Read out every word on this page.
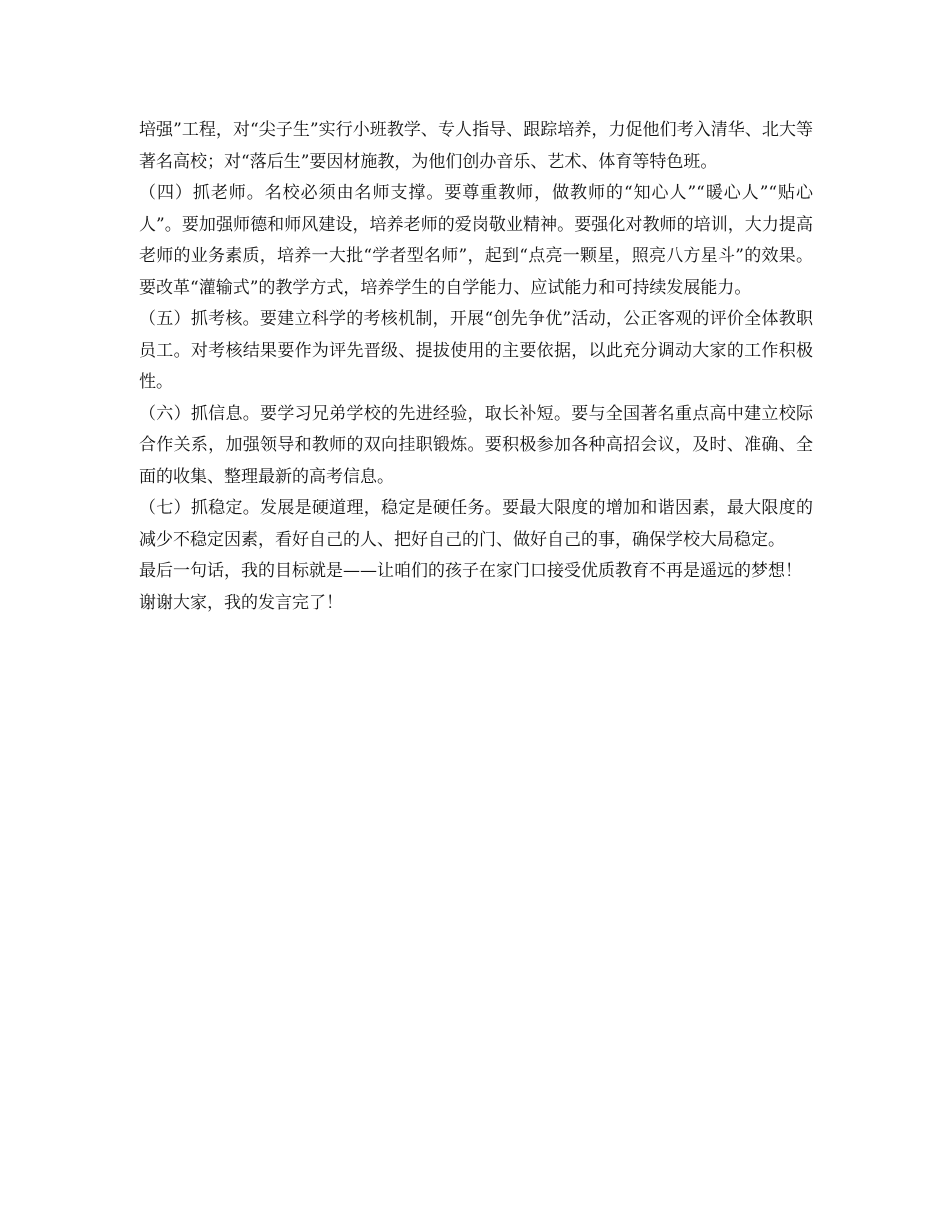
培强”工程，对“尖子生”实行小班教学、专人指导、跟踪培养，力促他们考入清华、北大等著名高校；对“落后生”要因材施教，为他们创办音乐、艺术、体育等特色班。

（四）抓老师。名校必须由名师支撑。要尊重教师，做教师的“知心人”“暖心人”“贴心人”。要加强师德和师风建设，培养老师的爱岗敬业精神。要强化对教师的培训，大力提高老师的业务素质，培养一大批“学者型名师”，起到“点亮一颗星，照亮八方星斗”的效果。要改革“灌输式”的教学方式，培养学生的自学能力、应试能力和可持续发展能力。

（五）抓考核。要建立科学的考核机制，开展“创先争优”活动，公正客观的评价全体教职员工。对考核结果要作为评先晋级、提拔使用的主要依据，以此充分调动大家的工作积极性。

（六）抓信息。要学习兄弟学校的先进经验，取长补短。要与全国著名重点高中建立校际合作关系，加强领导和教师的双向挂职锻炼。要积极参加各种高招会议，及时、准确、全面的收集、整理最新的高考信息。

（七）抓稳定。发展是硬道理，稳定是硬任务。要最大限度的增加和谐因素，最大限度的减少不稳定因素，看好自己的人、把好自己的门、做好自己的事，确保学校大局稳定。

最后一句话，我的目标就是——让咱们的孩子在家门口接受优质教育不再是遥远的梦想！

谢谢大家，我的发言完了！
